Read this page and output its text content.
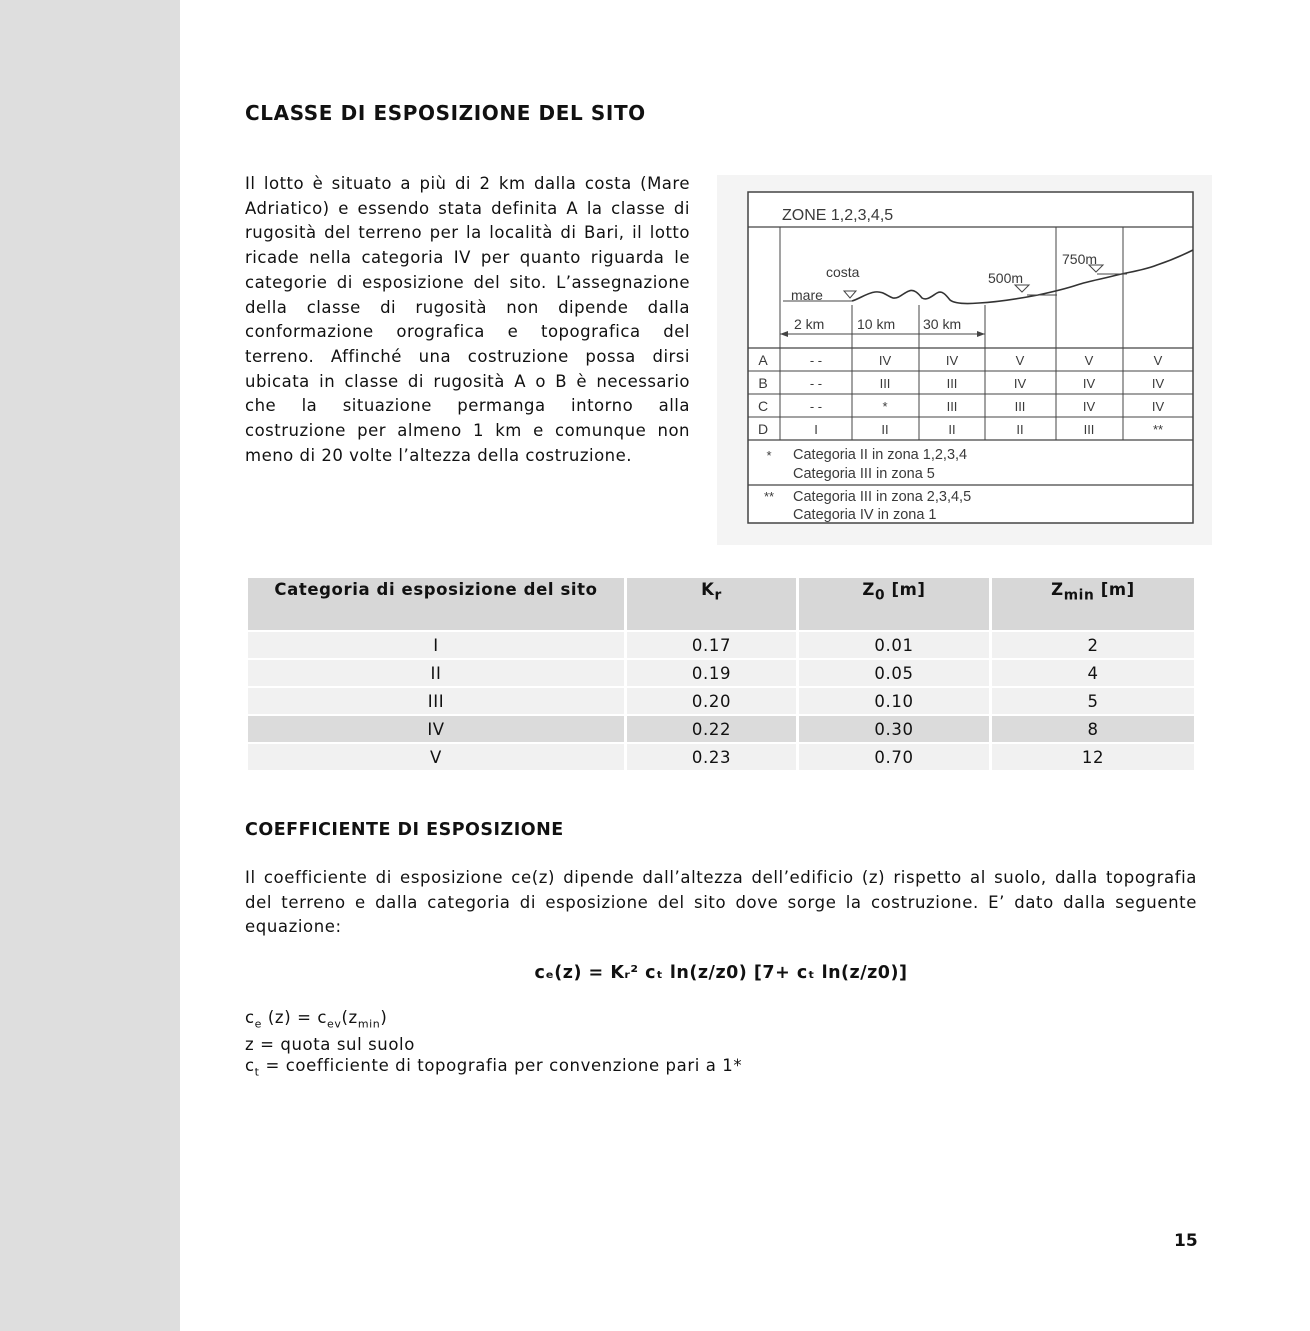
CLASSE DI ESPOSIZIONE DEL SITO

Il lotto è situato a più di 2 km dalla costa (Mare Adriatico) e essendo stata definita A la classe di rugosità del terreno per la località di Bari, il lotto ricade nella categoria IV per quanto riguarda le categorie di esposizione del sito. L’assegnazione della classe di rugosità non dipende dalla conformazione orografica e topografica del terreno. Affinché una costruzione possa dirsi ubicata in classe di rugosità A o B è necessario che la situazione permanga intorno alla costruzione per almeno 1 km e comunque non meno di 20 volte l’altezza della costruzione.

ZONE 1,2,3,4,5
costa
mare
500m
750m
2 km 10 km 30 km
A	- -	IV	IV	V	V	V
B	- -	III	III	IV	IV	IV
C	- -	*	III	III	IV	IV
D	I	II	II	II	III	**
* Categoria II in zona 1,2,3,4
Categoria III in zona 5
** Categoria III in zona 2,3,4,5
Categoria IV in zona 1
Categoria di esposizione del sito	$K_r$	$Z_0$ [m]	$Z_{min}$ [m]
I	0.17	0.01	2
II	0.19	0.05	4
III	0.20	0.10	5
IV	0.22	0.30	8
V	0.23	0.70	12
COEFFICIENTE DI ESPOSIZIONE

Il coefficiente di esposizione ce(z) dipende dall’altezza dell’edificio (z) rispetto al suolo, dalla topografia del terreno e dalla categoria di esposizione del sito dove sorge la costruzione. E’ dato dalla seguente equazione:

cₑ(z) = Kᵣ² cₜ ln(z/z0) [7+ cₜ ln(z/z0)]

$c_e$ $(z) = c_{ev}(z_{min})$
z = quota sul suolo
$c_t$ = coefficiente di topografia per convenzione pari a 1*
15
